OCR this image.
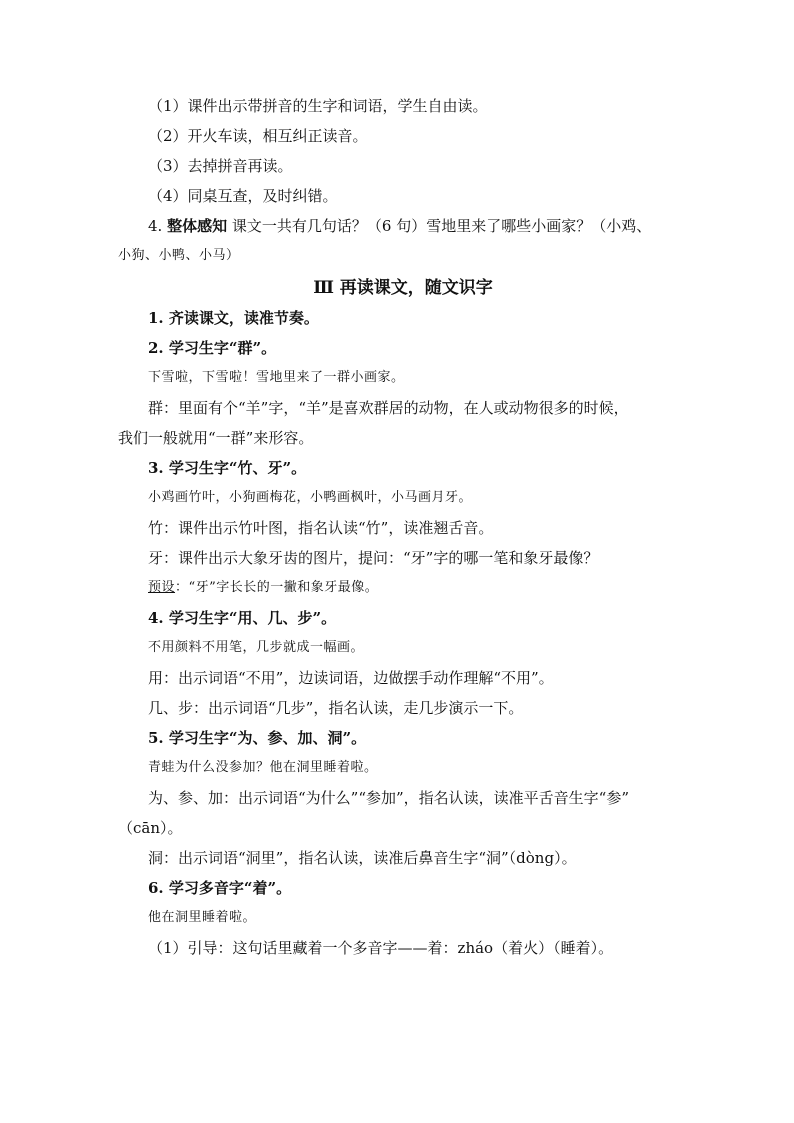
（1）课件出示带拼音的生字和词语，学生自由读。

（2）开火车读，相互纠正读音。

（3）去掉拼音再读。

（4）同桌互查，及时纠错。

4. 整体感知 课文一共有几句话？（6 句）雪地里来了哪些小画家？（小鸡、

小狗、小鸭、小马）

Ⅲ 再读课文，随文识字

1. 齐读课文，读准节奏。

2. 学习生字“群”。

下雪啦，下雪啦！雪地里来了一群小画家。

群：里面有个“羊”字，“羊”是喜欢群居的动物，在人或动物很多的时候，

我们一般就用“一群”来形容。

3. 学习生字“竹、牙”。

小鸡画竹叶，小狗画梅花，小鸭画枫叶，小马画月牙。

竹：课件出示竹叶图，指名认读“竹”，读准翘舌音。

牙：课件出示大象牙齿的图片，提问：“牙”字的哪一笔和象牙最像？

预设：“牙”字长长的一撇和象牙最像。

4. 学习生字“用、几、步”。

不用颜料不用笔，几步就成一幅画。

用：出示词语“不用”，边读词语，边做摆手动作理解“不用”。

几、步：出示词语“几步”，指名认读，走几步演示一下。

5. 学习生字“为、参、加、洞”。

青蛙为什么没参加？他在洞里睡着啦。

为、参、加：出示词语“为什么”“参加”，指名认读，读准平舌音生字“参”

（cān）。

洞：出示词语“洞里”，指名认读，读准后鼻音生字“洞”（dòng）。

6. 学习多音字“着”。

他在洞里睡着啦。

（1）引导：这句话里藏着一个多音字——着：zháo（着火）（睡着）。
